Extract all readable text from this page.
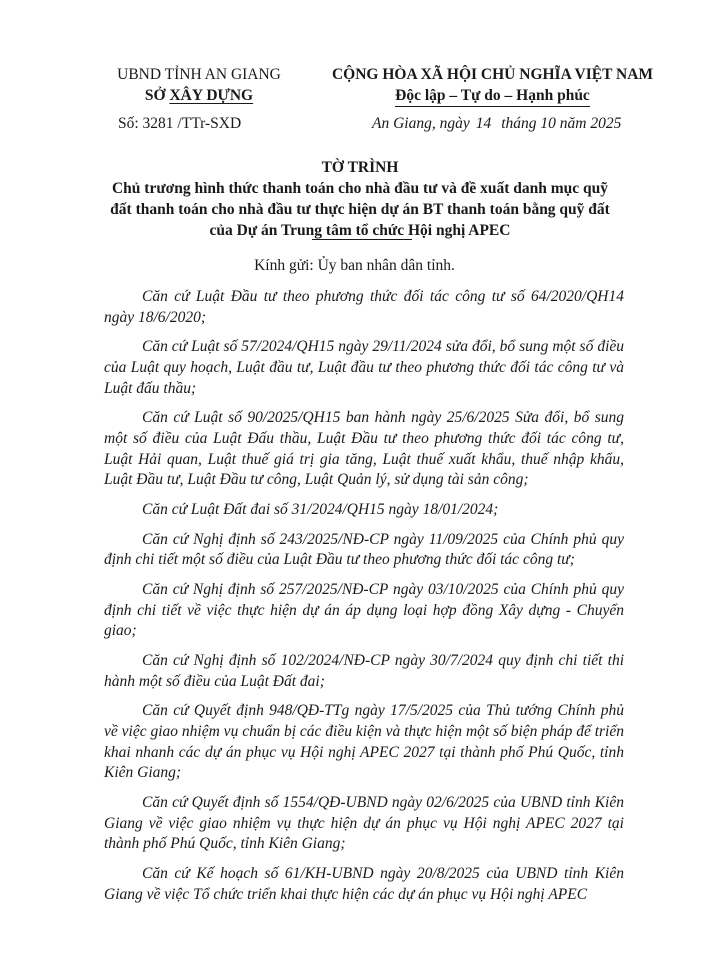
UBND TỈNH AN GIANG
SỞ XÂY DỰNG
CỘNG HÒA XÃ HỘI CHỦ NGHĨA VIỆT NAM
Độc lập – Tự do – Hạnh phúc
Số: 3281 /TTr-SXD	An Giang, ngày 14 tháng 10 năm 2025
TỜ TRÌNH
Chủ trương hình thức thanh toán cho nhà đầu tư và đề xuất danh mục quỹ
đất thanh toán cho nhà đầu tư thực hiện dự án BT thanh toán bằng quỹ đất
của Dự án Trung tâm tổ chức Hội nghị APEC
Kính gửi: Ủy ban nhân dân tỉnh.

Căn cứ Luật Đầu tư theo phương thức đối tác công tư số 64/2020/QH14 ngày 18/6/2020;

Căn cứ Luật số 57/2024/QH15 ngày 29/11/2024 sửa đổi, bổ sung một số điều của Luật quy hoạch, Luật đầu tư, Luật đầu tư theo phương thức đối tác công tư và Luật đấu thầu;

Căn cứ Luật số 90/2025/QH15 ban hành ngày 25/6/2025 Sửa đổi, bổ sung một số điều của Luật Đấu thầu, Luật Đầu tư theo phương thức đối tác công tư, Luật Hải quan, Luật thuế giá trị gia tăng, Luật thuế xuất khẩu, thuế nhập khẩu, Luật Đầu tư, Luật Đầu tư công, Luật Quản lý, sử dụng tài sản công;

Căn cứ Luật Đất đai số 31/2024/QH15 ngày 18/01/2024;

Căn cứ Nghị định số 243/2025/NĐ-CP ngày 11/09/2025 của Chính phủ quy định chi tiết một số điều của Luật Đầu tư theo phương thức đối tác công tư;

Căn cứ Nghị định số 257/2025/NĐ-CP ngày 03/10/2025 của Chính phủ quy định chi tiết về việc thực hiện dự án áp dụng loại hợp đồng Xây dựng - Chuyển giao;

Căn cứ Nghị định số 102/2024/NĐ-CP ngày 30/7/2024 quy định chi tiết thi hành một số điều của Luật Đất đai;

Căn cứ Quyết định 948/QĐ-TTg ngày 17/5/2025 của Thủ tướng Chính phủ về việc giao nhiệm vụ chuẩn bị các điều kiện và thực hiện một số biện pháp để triển khai nhanh các dự án phục vụ Hội nghị APEC 2027 tại thành phố Phú Quốc, tỉnh Kiên Giang;

Căn cứ Quyết định số 1554/QĐ-UBND ngày 02/6/2025 của UBND tỉnh Kiên Giang về việc giao nhiệm vụ thực hiện dự án phục vụ Hội nghị APEC 2027 tại thành phố Phú Quốc, tỉnh Kiên Giang;

Căn cứ Kế hoạch số 61/KH-UBND ngày 20/8/2025 của UBND tỉnh Kiên Giang về việc Tổ chức triển khai thực hiện các dự án phục vụ Hội nghị APEC
